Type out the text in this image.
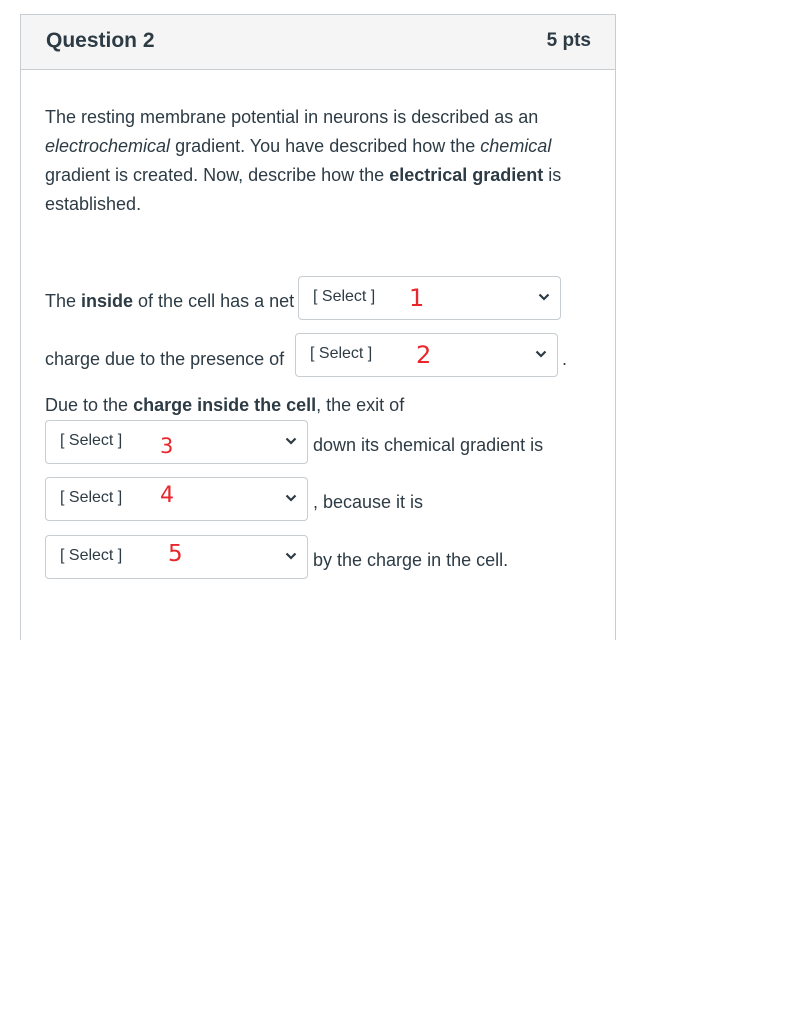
Question 2	5 pts
The resting membrane potential in neurons is described as an electrochemical gradient. You have described how the chemical gradient is created. Now, describe how the electrical gradient is established.
The inside of the cell has a net [ Select ] 1
charge due to the presence of [ Select ] 2	.
Due to the charge inside the cell, the exit of
[ Select ] 3	down its chemical gradient is
[ Select ] 4	, because it is
[ Select ] 5	by the charge in the cell.
